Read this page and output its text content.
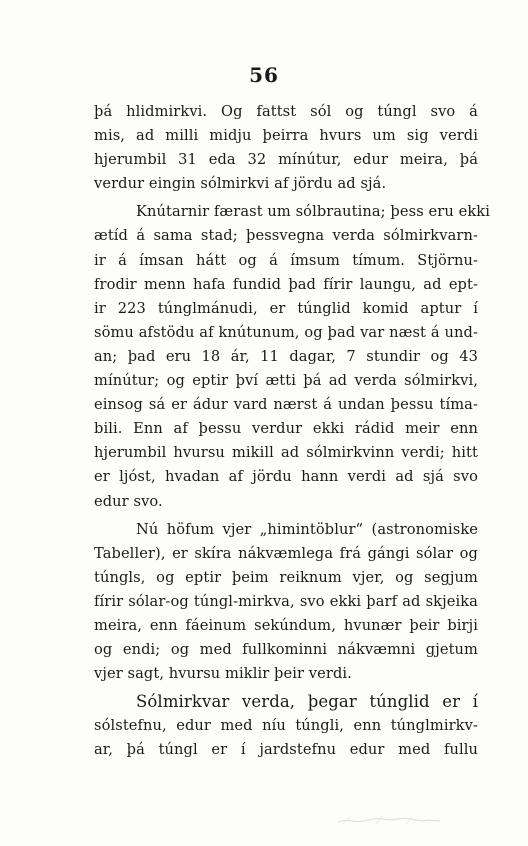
56
þá hlidmirkvi. Og fattst sól og túngl svo á
mis, ad milli midju þeirra hvurs um sig verdi
hjerumbil 31 eda 32 mínútur, edur meira, þá
verdur eingin sólmirkvi af jördu ad sjá.
Knútarnir færast um sólbrautina; þess eru ekki
ætíd á sama stad; þessvegna verda sólmirkvarn-
ir á ímsan hátt og á ímsum tímum. Stjörnu-
frodir menn hafa fundid þad fírir laungu, ad ept-
ir 223 túnglmánudi, er túnglid komid aptur í
sömu afstödu af knútunum, og þad var næst á und-
an; þad eru 18 ár, 11 dagar, 7 stundir og 43
mínútur; og eptir því ætti þá ad verda sólmirkvi,
einsog sá er ádur vard nærst á undan þessu tíma-
bili. Enn af þessu verdur ekki rádid meir enn
hjerumbil hvursu mikill ad sólmirkvinn verdi; hitt
er ljóst, hvadan af jördu hann verdi ad sjá svo
edur svo.
Nú höfum vjer „himintöblur“ (astronomiske
Tabeller), er skíra nákvæmlega frá gángi sólar og
túngls, og eptir þeim reiknum vjer, og segjum
fírir sólar-og túngl-mirkva, svo ekki þarf ad skjeika
meira, enn fáeinum sekúndum, hvunær þeir birji
og endi; og med fullkominni nákvæmni gjetum
vjer sagt, hvursu miklir þeir verdi.
Sólmirkvar verda, þegar túnglid er í
sólstefnu, edur med níu túngli, enn túnglmirkv-
ar, þá túngl er í jardstefnu edur med fullu
